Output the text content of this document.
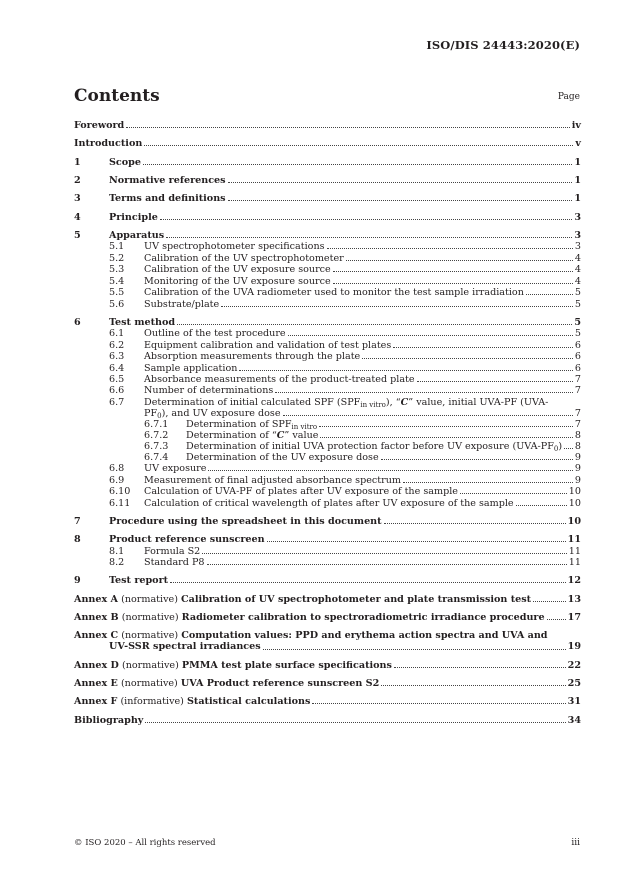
ISO/DIS 24443:2020(E)
Contents	Page
Foreword	iv
Introduction	v
1	Scope	1
2	Normative references	1
3	Terms and definitions	1
4	Principle	3
5	Apparatus	3
5.1	UV spectrophotometer specifications	3
5.2	Calibration of the UV spectrophotometer	4
5.3	Calibration of the UV exposure source	4
5.4	Monitoring of the UV exposure source	4
5.5	Calibration of the UVA radiometer used to monitor the test sample irradiation	5
5.6	Substrate/plate	5
6	Test method	5
6.1	Outline of the test procedure	5
6.2	Equipment calibration and validation of test plates	6
6.3	Absorption measurements through the plate	6
6.4	Sample application	6
6.5	Absorbance measurements of the product-treated plate	7
6.6	Number of determinations	7
6.7	Determination of initial calculated SPF $(SPF_{in vitro})$, “C” value, initial UVA-PF (UVA-
$PF_0$), and UV exposure dose	7
6.7.1	Determination of $SPF_{in vitro}$	7
6.7.2	Determination of “C” value	8
6.7.3	Determination of initial UVA protection factor before UV exposure $(UVA-PF_0)$ 8
6.7.4	Determination of the UV exposure dose	9
6.8	UV exposure	9
6.9	Measurement of final adjusted absorbance spectrum	9
6.10	Calculation of UVA-PF of plates after UV exposure of the sample	10
6.11	Calculation of critical wavelength of plates after UV exposure of the sample	10
7	Procedure using the spreadsheet in this document	10
8	Product reference sunscreen	11
8.1	Formula S2	11
8.2	Standard P8	11
9	Test report	12
Annex A (normative) Calibration of UV spectrophotometer and plate transmission test	13
Annex B (normative) Radiometer calibration to spectroradiometric irradiance procedure 17
Annex C (normative) Computation values: PPD and erythema action spectra and UVA and
UV-SSR spectral irradiances	19
Annex D (normative) PMMA test plate surface specifications	22
Annex E (normative) UVA Product reference sunscreen S2	25
Annex F (informative) Statistical calculations	31
Bibliography	34
© ISO 2020 – All rights reserved	iii
